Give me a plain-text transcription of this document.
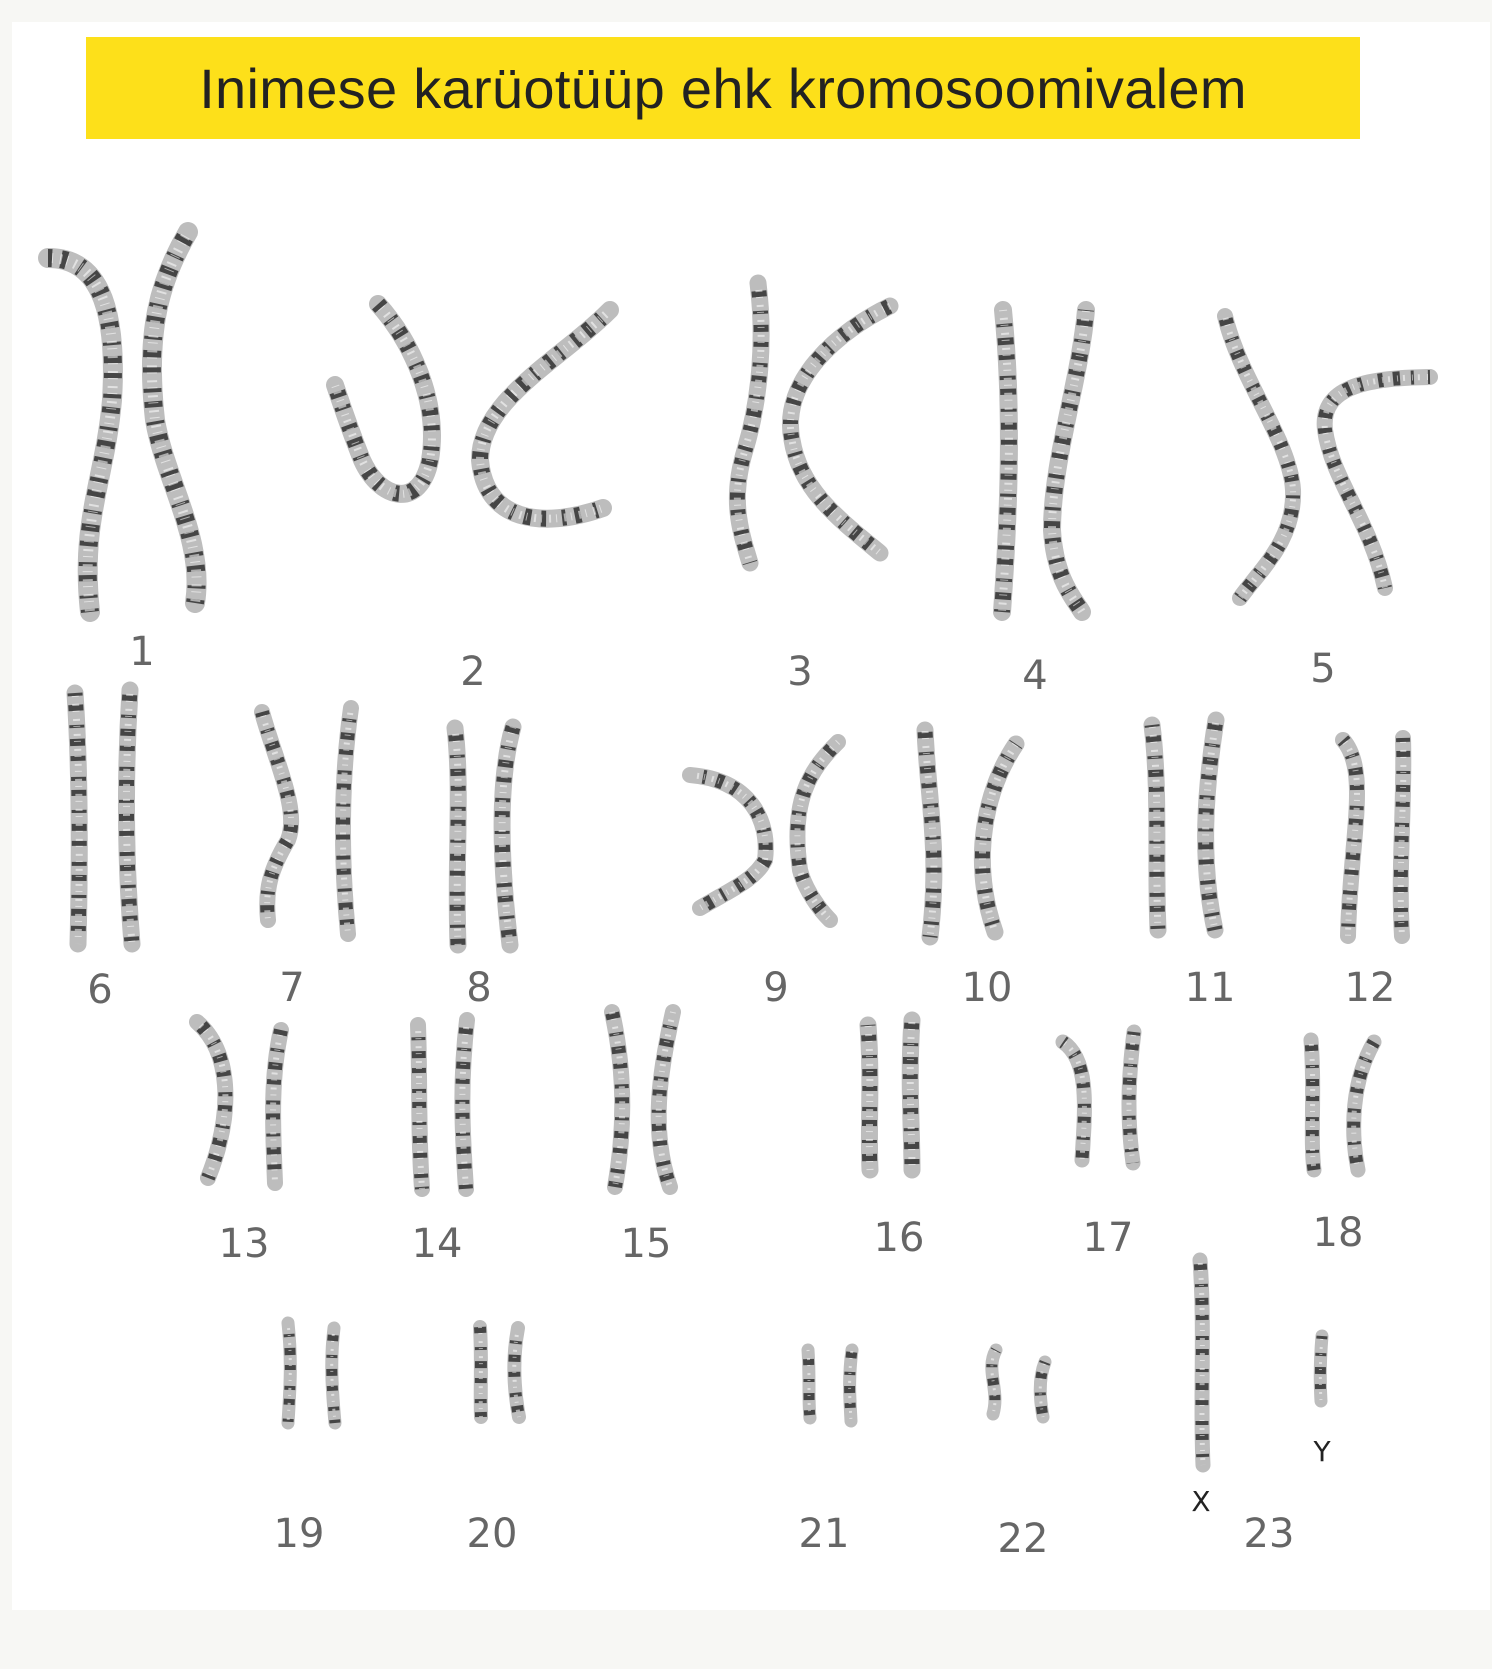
Inimese karüotüüp ehk kromosoomivalem
1	2	3	4	5
6	7	8	9	10	11	12
13	14	15	16	17	18
19	20	21	22	23
X
Y
